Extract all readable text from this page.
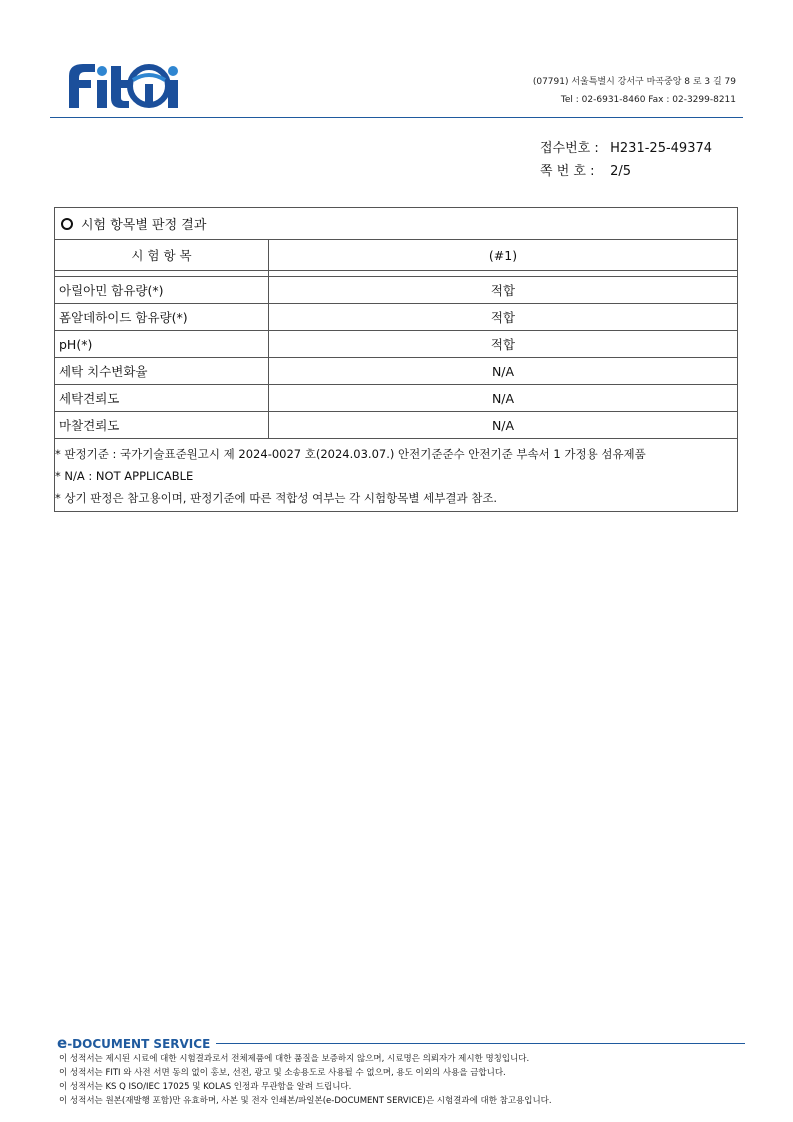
(07791) 서울특별시 강서구 마곡중앙 8 로 3 길 79
Tel : 02-6931-8460 Fax : 02-3299-8211
접수번호 : H231-25-49374
쪽 번 호 : 2/5
시험 항목별 판정 결과
시 험 항 목	(#1)

아릴아민 함유량(*)	적합
폼알데하이드 함유량(*)	적합
pH(*)	적합
세탁 치수변화율	N/A
세탁견뢰도	N/A
마찰견뢰도	N/A
* 판정기준 : 국가기술표준원고시 제 2024-0027 호(2024.03.07.) 안전기준준수 안전기준 부속서 1 가정용 섬유제품
* N/A : NOT APPLICABLE
* 상기 판정은 참고용이며, 판정기준에 따른 적합성 여부는 각 시험항목별 세부결과 참조.
e-DOCUMENT SERVICE
이 성적서는 제시된 시료에 대한 시험결과로서 전체제품에 대한 품질을 보증하지 않으며, 시료명은 의뢰자가 제시한 명칭입니다.
이 성적서는 FITI 와 사전 서면 동의 없이 홍보, 선전, 광고 및 소송용도로 사용될 수 없으며, 용도 이외의 사용을 금합니다.
이 성적서는 KS Q ISO/IEC 17025 및 KOLAS 인정과 무관함을 알려 드립니다.
이 성적서는 원본(재발행 포함)만 유효하며, 사본 및 전자 인쇄본/파일본(e-DOCUMENT SERVICE)은 시험결과에 대한 참고용입니다.
